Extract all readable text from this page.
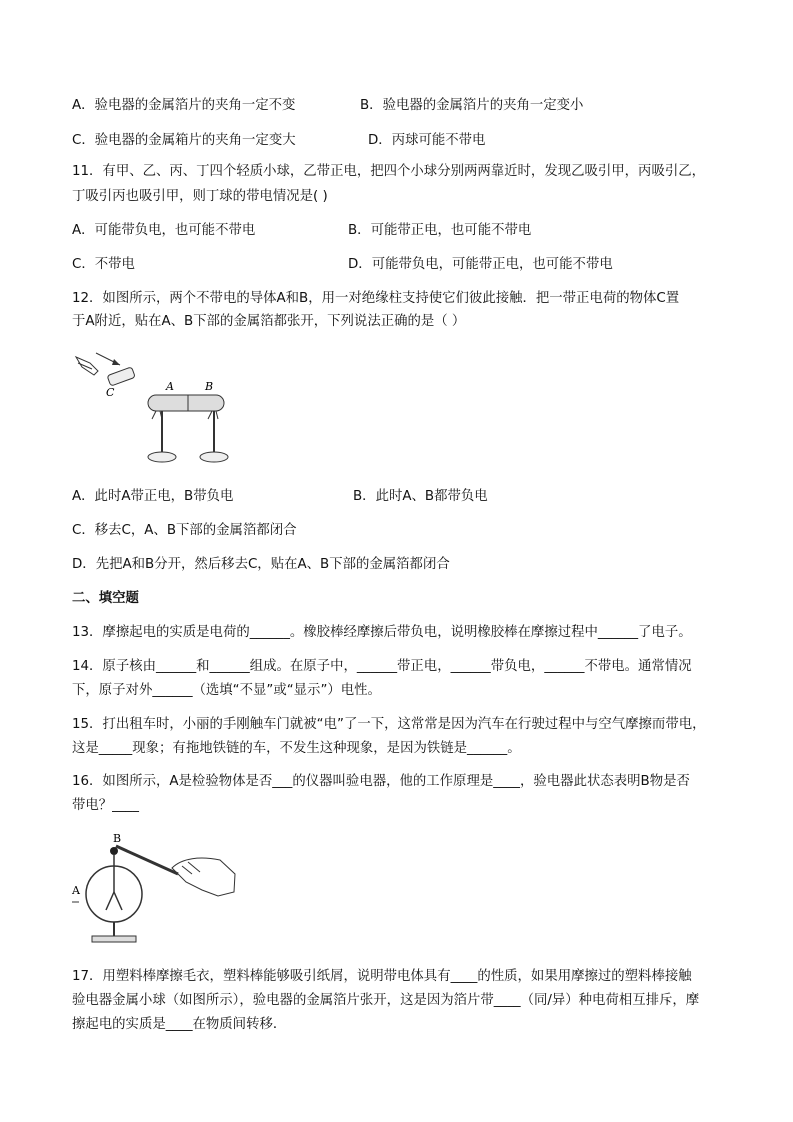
A．验电器的金属箔片的夹角一定不变	B．验电器的金属箔片的夹角一定变小
C．验电器的金属箱片的夹角一定变大	D．丙球可能不带电
11．有甲、乙、丙、丁四个轻质小球，乙带正电，把四个小球分别两两靠近时，发现乙吸引甲，丙吸引乙，
丁吸引丙也吸引甲，则丁球的带电情况是( )
A．可能带负电，也可能不带电	B．可能带正电，也可能不带电
C．不带电	D．可能带负电，可能带正电，也可能不带电
12．如图所示，两个不带电的导体A和B，用一对绝缘柱支持使它们彼此接触．把一带正电荷的物体C置
于A附近，贴在A、B下部的金属箔都张开，下列说法正确的是（ ）
C	A	B
A．此时A带正电，B带负电	B．此时A、B都带负电
C．移去C，A、B下部的金属箔都闭合
D．先把A和B分开，然后移去C，贴在A、B下部的金属箔都闭合
二、填空题
13．摩擦起电的实质是电荷的______。橡胶棒经摩擦后带负电，说明橡胶棒在摩擦过程中______了电子。
14．原子核由______和______组成。在原子中，______带正电，______带负电，______不带电。通常情况
下，原子对外______（选填“不显”或“显示”）电性。
15．打出租车时，小丽的手刚触车门就被“电”了一下，这常常是因为汽车在行驶过程中与空气摩擦而带电，
这是_____现象；有拖地铁链的车，不发生这种现象，是因为铁链是______。
16．如图所示，A是检验物体是否___的仪器叫验电器，他的工作原理是____，验电器此状态表明B物是否
带电？____
B
A
17．用塑料棒摩擦毛衣，塑料棒能够吸引纸屑，说明带电体具有____的性质，如果用摩擦过的塑料棒接触
验电器金属小球（如图所示），验电器的金属箔片张开，这是因为箔片带____（同/异）种电荷相互排斥，摩
擦起电的实质是____在物质间转移．
